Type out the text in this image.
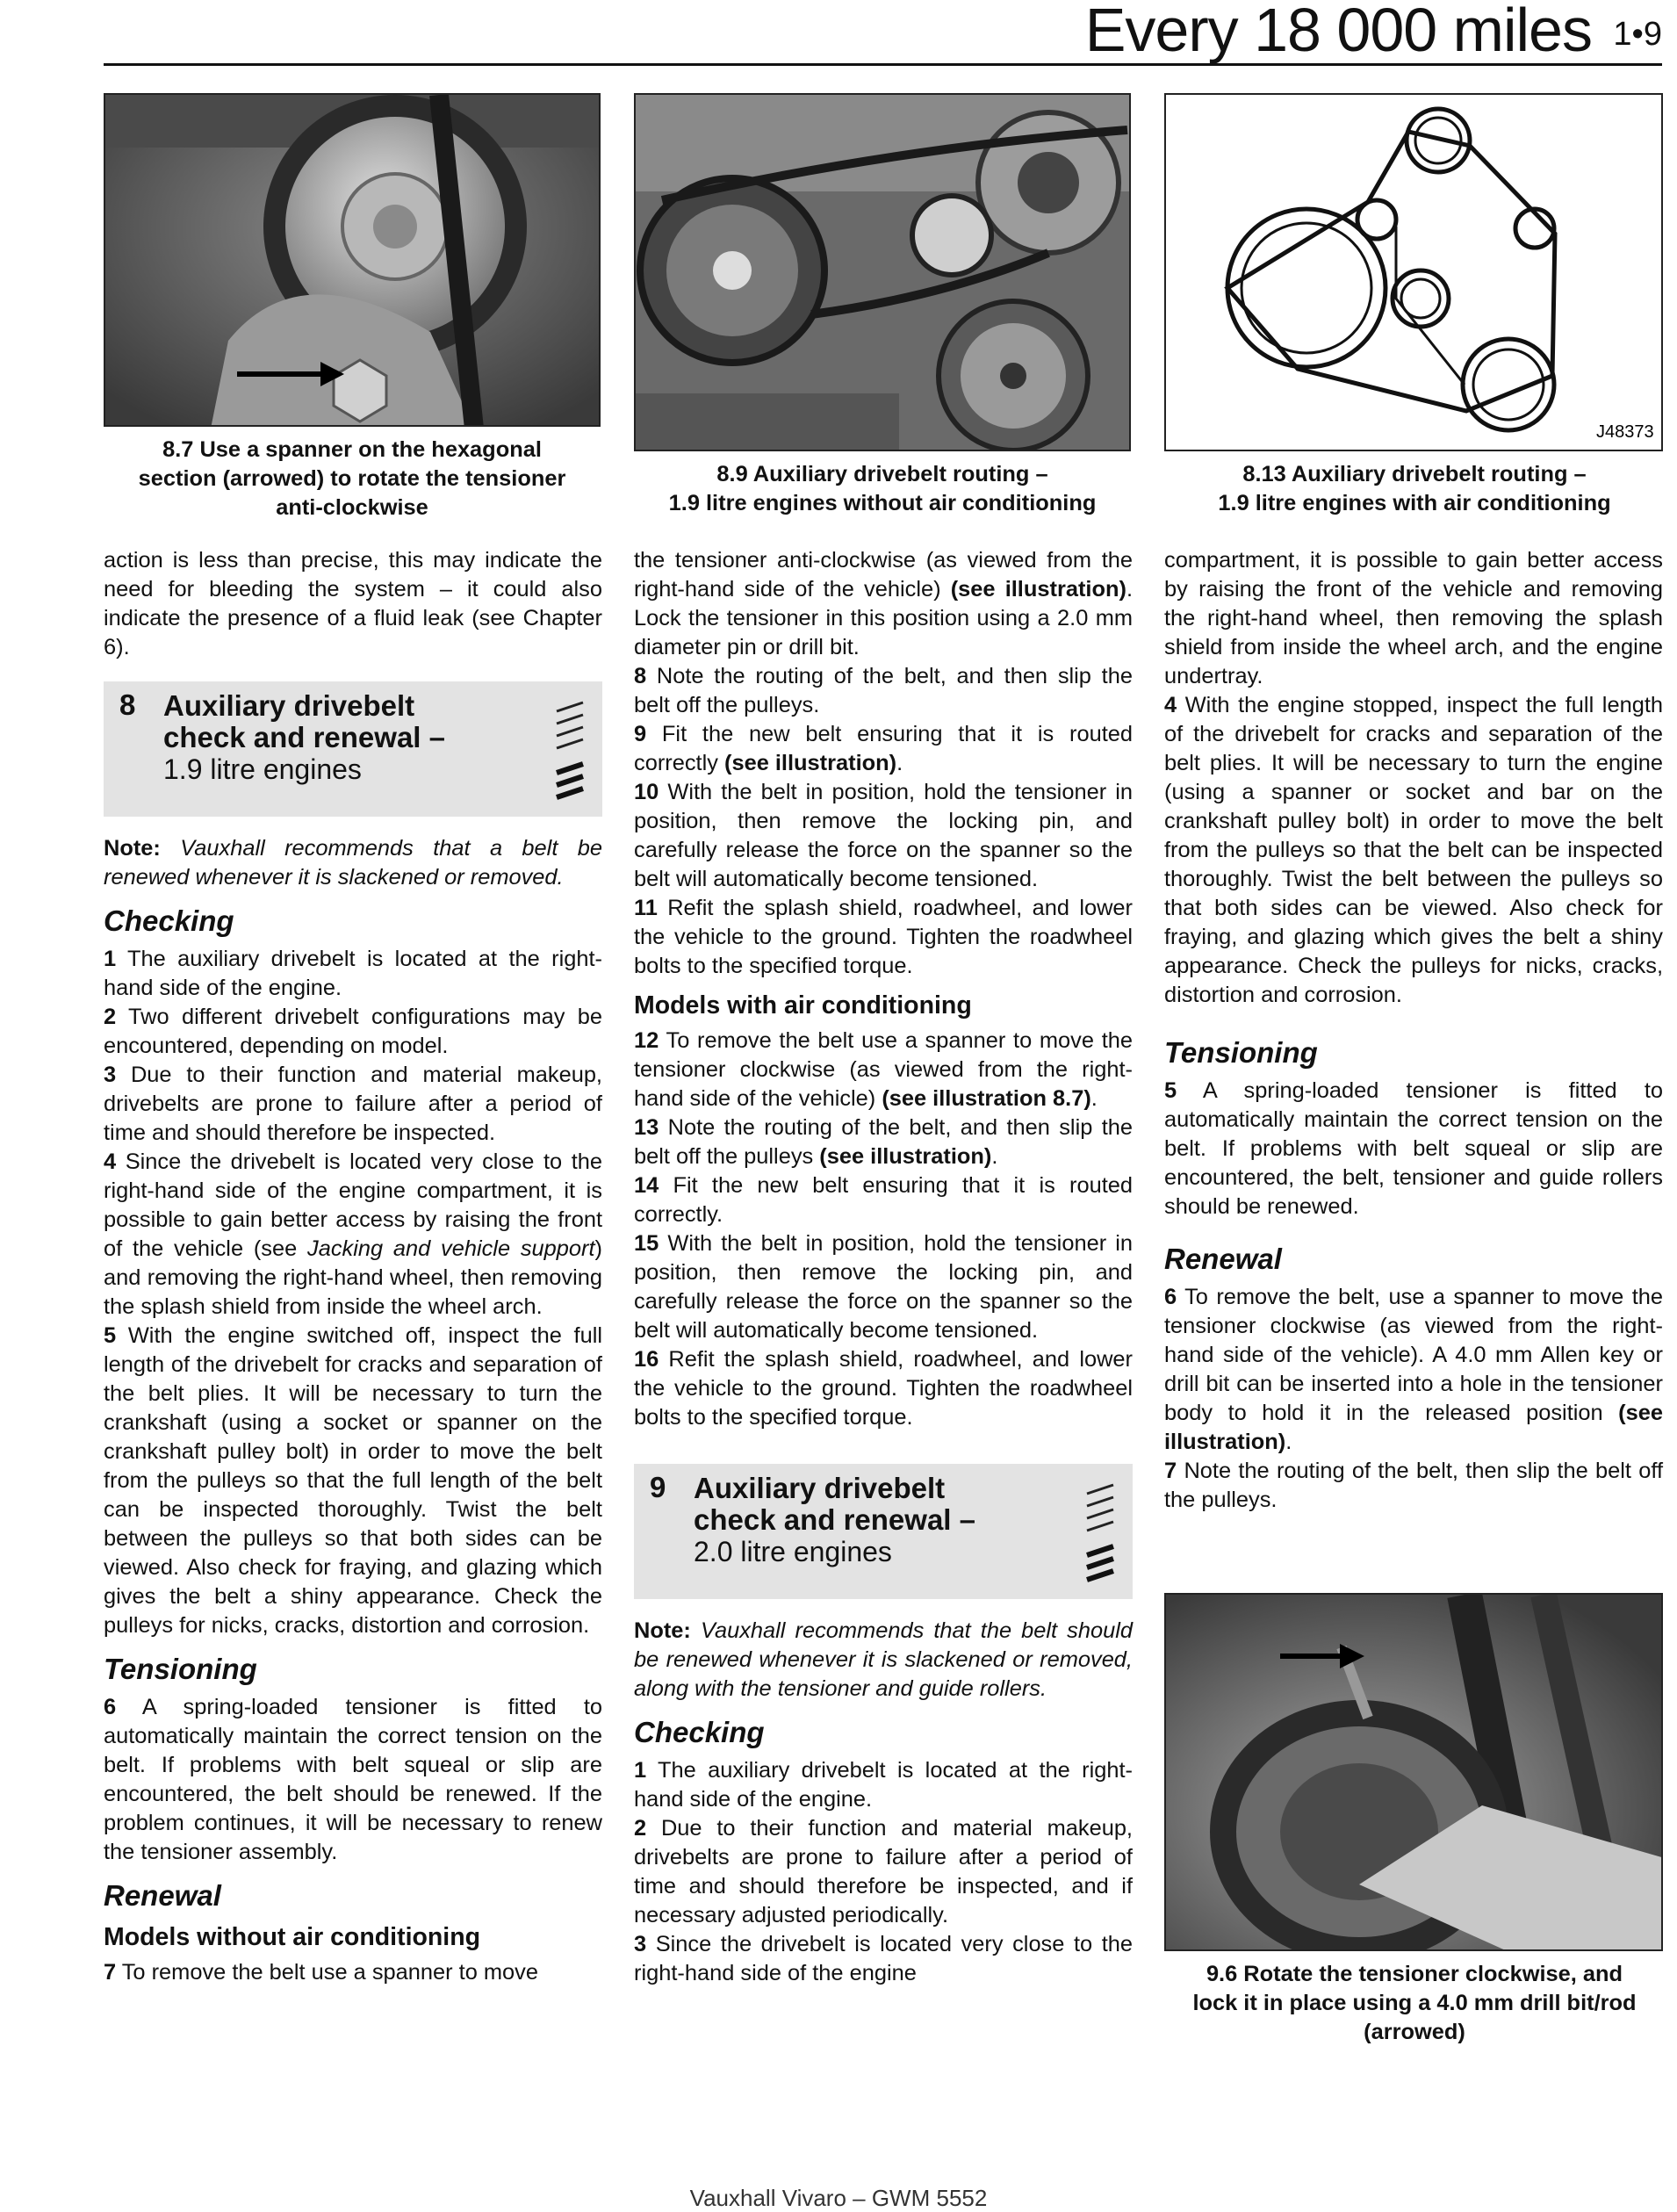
Every 18 000 miles 1•9
8.7 Use a spanner on the hexagonal
section (arrowed) to rotate the tensioner
anti-clockwise
8.9 Auxiliary drivebelt routing –
1.9 litre engines without air conditioning
J48373
8.13 Auxiliary drivebelt routing –
1.9 litre engines with air conditioning

action is less than precise, this may indicate the need for bleeding the system – it could also indicate the presence of a fluid leak (see Chapter 6).

8 Auxiliary drivebelt
check and renewal –
1.9 litre engines

Note: Vauxhall recommends that a belt be renewed whenever it is slackened or removed.

Checking

1 The auxiliary drivebelt is located at the right-hand side of the engine.

2 Two different drivebelt configurations may be encountered, depending on model.

3 Due to their function and material makeup, drivebelts are prone to failure after a period of time and should therefore be inspected.

4 Since the drivebelt is located very close to the right-hand side of the engine compartment, it is possible to gain better access by raising the front of the vehicle (see Jacking and vehicle support) and removing the right-hand wheel, then removing the splash shield from inside the wheel arch.

5 With the engine switched off, inspect the full length of the drivebelt for cracks and separation of the belt plies. It will be necessary to turn the crankshaft (using a socket or spanner on the crankshaft pulley bolt) in order to move the belt from the pulleys so that the full length of the belt can be inspected thoroughly. Twist the belt between the pulleys so that both sides can be viewed. Also check for fraying, and glazing which gives the belt a shiny appearance. Check the pulleys for nicks, cracks, distortion and corrosion.

Tensioning

6 A spring-loaded tensioner is fitted to automatically maintain the correct tension on the belt. If problems with belt squeal or slip are encountered, the belt should be renewed. If the problem continues, it will be necessary to renew the tensioner assembly.

Renewal
Models without air conditioning

7 To remove the belt use a spanner to move

the tensioner anti-clockwise (as viewed from the right-hand side of the vehicle) (see illustration). Lock the tensioner in this position using a 2.0 mm diameter pin or drill bit.

8 Note the routing of the belt, and then slip the belt off the pulleys.

9 Fit the new belt ensuring that it is routed correctly (see illustration).

10 With the belt in position, hold the tensioner in position, then remove the locking pin, and carefully release the force on the spanner so the belt will automatically become tensioned.

11 Refit the splash shield, roadwheel, and lower the vehicle to the ground. Tighten the roadwheel bolts to the specified torque.

Models with air conditioning

12 To remove the belt use a spanner to move the tensioner clockwise (as viewed from the right-hand side of the vehicle) (see illustration 8.7).

13 Note the routing of the belt, and then slip the belt off the pulleys (see illustration).

14 Fit the new belt ensuring that it is routed correctly.

15 With the belt in position, hold the tensioner in position, then remove the locking pin, and carefully release the force on the spanner so the belt will automatically become tensioned.

16 Refit the splash shield, roadwheel, and lower the vehicle to the ground. Tighten the roadwheel bolts to the specified torque.

9 Auxiliary drivebelt
check and renewal –
2.0 litre engines

Note: Vauxhall recommends that the belt should be renewed whenever it is slackened or removed, along with the tensioner and guide rollers.

Checking

1 The auxiliary drivebelt is located at the right-hand side of the engine.

2 Due to their function and material makeup, drivebelts are prone to failure after a period of time and should therefore be inspected, and if necessary adjusted periodically.

3 Since the drivebelt is located very close to the right-hand side of the engine

compartment, it is possible to gain better access by raising the front of the vehicle and removing the right-hand wheel, then removing the splash shield from inside the wheel arch, and the engine undertray.

4 With the engine stopped, inspect the full length of the drivebelt for cracks and separation of the belt plies. It will be necessary to turn the engine (using a spanner or socket and bar on the crankshaft pulley bolt) in order to move the belt from the pulleys so that the belt can be inspected thoroughly. Twist the belt between the pulleys so that both sides can be viewed. Also check for fraying, and glazing which gives the belt a shiny appearance. Check the pulleys for nicks, cracks, distortion and corrosion.

Tensioning

5 A spring-loaded tensioner is fitted to automatically maintain the correct tension on the belt. If problems with belt squeal or slip are encountered, the belt, tensioner and guide rollers should be renewed.

Renewal

6 To remove the belt, use a spanner to move the tensioner clockwise (as viewed from the right-hand side of the vehicle). A 4.0 mm Allen key or drill bit can be inserted into a hole in the tensioner body to hold it in the released position (see illustration).

7 Note the routing of the belt, then slip the belt off the pulleys.

9.6 Rotate the tensioner clockwise, and
lock it in place using a 4.0 mm drill bit/rod
(arrowed)
Vauxhall Vivaro – GWM 5552
